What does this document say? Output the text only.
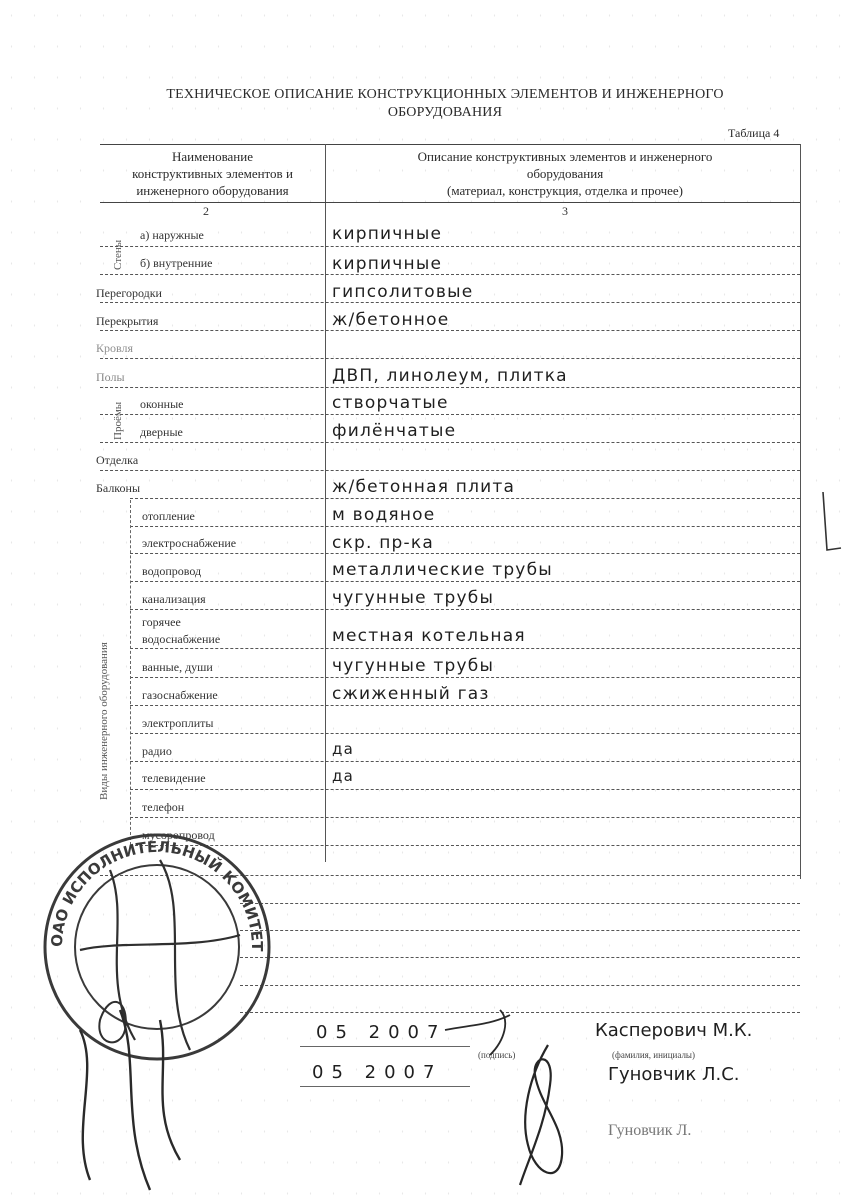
ТЕХНИЧЕСКОЕ ОПИСАНИЕ КОНСТРУКЦИОННЫХ ЭЛЕМЕНТОВ И ИНЖЕНЕРНОГО
ОБОРУДОВАНИЯ
Таблица 4
Наименование
конструктивных элементов и
инженерного оборудования
Описание конструктивных элементов и инженерного
оборудования
(материал, конструкция, отделка и прочее)
2	3
а) наружные	кирпичные
б) внутренние	кирпичные
Перегородки	гипсолитовые
Перекрытия	ж/бетонное
Кровля
Полы	ДВП, линолеум, плитка
оконные	створчатые
дверные	филёнчатые
Отделка
Балконы	ж/бетонная плита
отопление	м водяное
электроснабжение	скр. пр-ка
водопровод	металлические трубы
канализация	чугунные трубы
горячее
водоснабжение	местная котельная
ванные, души	чугунные трубы
газоснабжение	сжиженный газ
электроплиты
радио	да
телевидение	да
телефон
мусоропровод
Стены
Проёмы
Виды инженерного оборудования
ОАО ИСПОЛНИТЕЛЬНЫЙ КОМИТЕТ
05 2007
05 2007
(подпись)
Касперович М.К.
(фамилия, инициалы)
Гуновчик Л.С.
Гуновчик Л.
